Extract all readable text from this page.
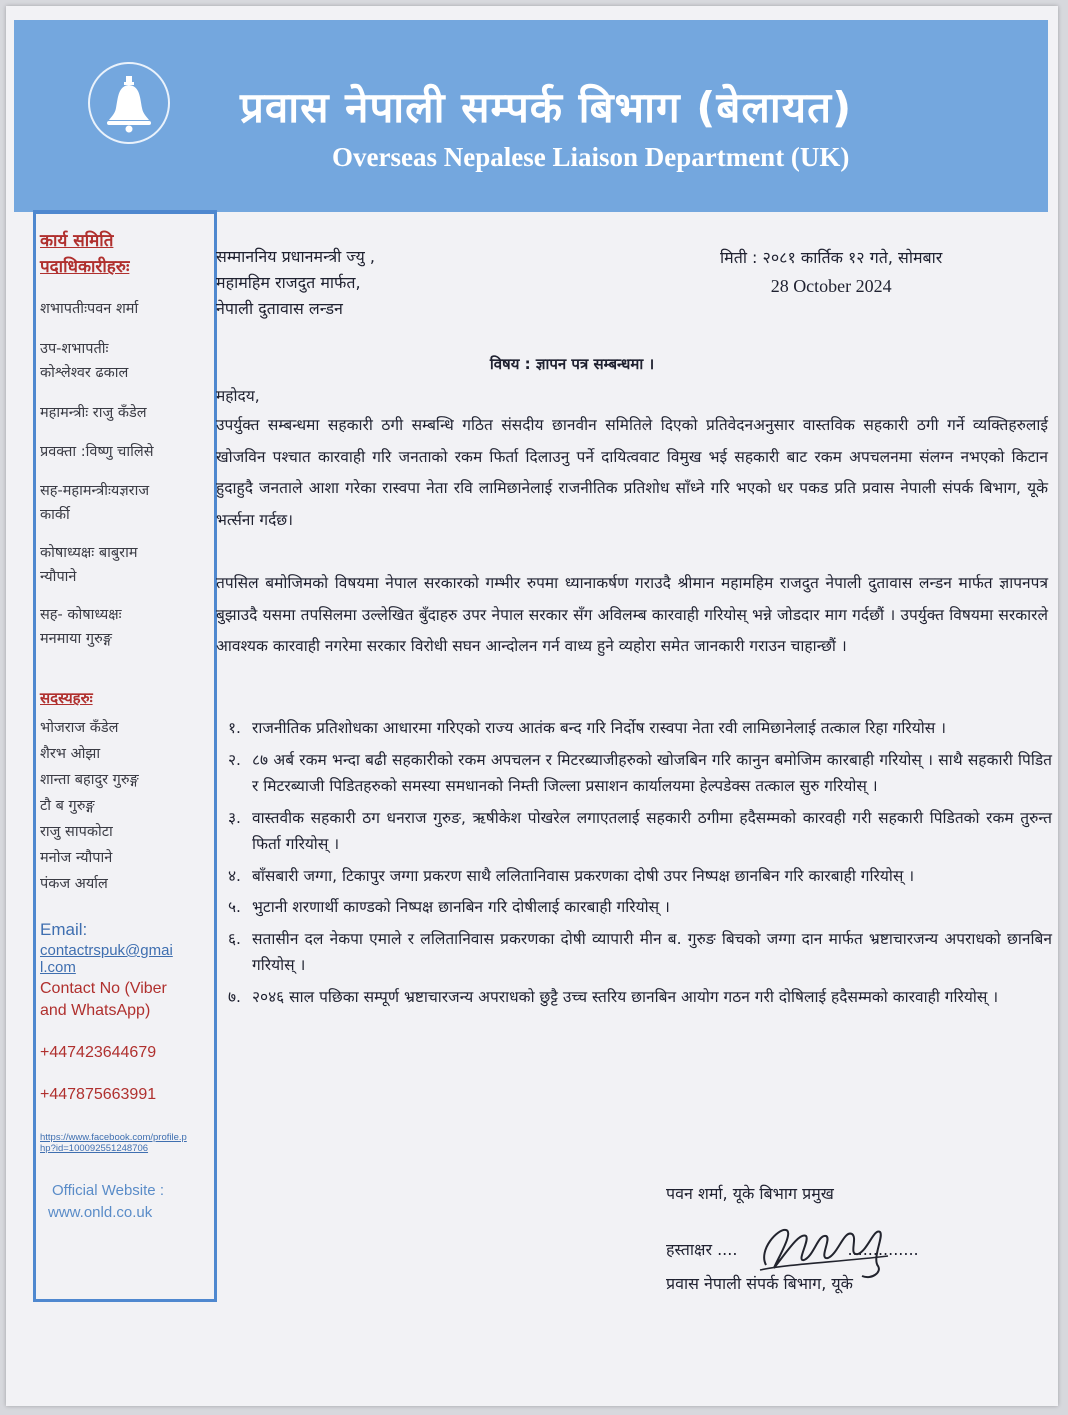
प्रवास नेपाली सम्पर्क बिभाग (बेलायत)
Overseas Nepalese Liaison Department (UK)
कार्य समिति
पदाधिकारीहरुः
शभापतीःपवन शर्मा
उप-शभापतीः
कोश्लेश्वर ढकाल
महामन्त्रीः राजु कँडेल
प्रवक्ता :विष्णु चालिसे
सह-महामन्त्रीःयज्ञराज
कार्की
कोषाध्यक्षः बाबुराम
न्यौपाने
सह- कोषाध्यक्षः
मनमाया गुरुङ्ग
सदस्यहरुः
भोजराज कँडेल
शैरभ ओझा
शान्ता बहादुर गुरुङ्ग
टौ ब गुरुङ्ग
राजु सापकोटा
मनोज न्यौपाने
पंकज अर्याल
Email:
contactrspuk@gmai
l.com
Contact No (Viber
and WhatsApp)
+447423644679
+447875663991
https://www.facebook.com/profile.php?id=100092551248706
Official Website :
www.onld.co.uk
सम्माननिय प्रधानमन्त्री ज्यु ,
महामहिम राजदुत मार्फत,
नेपाली दुतावास लन्डन
मिती : २०८१ कार्तिक १२ गते, सोमबार
28 October 2024
विषय : ज्ञापन पत्र सम्बन्धमा ।
महोदय,
उपर्युक्त सम्बन्धमा सहकारी ठगी सम्बन्धि गठित संसदीय छानवीन समितिले दिएको प्रतिवेदनअनुसार वास्तविक सहकारी ठगी गर्ने व्यक्तिहरुलाई खोजविन पश्चात कारवाही गरि जनताको रकम फिर्ता दिलाउनु पर्ने दायित्ववाट विमुख भई सहकारी बाट रकम अपचलनमा संलग्न नभएको किटान हुदाहुदै जनताले आशा गरेका रास्वपा नेता रवि लामिछानेलाई राजनीतिक प्रतिशोध साँध्ने गरि भएको धर पकड प्रति प्रवास नेपाली संपर्क बिभाग, यूके भर्त्सना गर्दछ।
तपसिल बमोजिमको विषयमा नेपाल सरकारको गम्भीर रुपमा ध्यानाकर्षण गराउदै श्रीमान महामहिम राजदुत नेपाली दुतावास लन्डन मार्फत ज्ञापनपत्र बुझाउदै यसमा तपसिलमा उल्लेखित बुँदाहरु उपर नेपाल सरकार सँग अविलम्ब कारवाही गरियोस् भन्ने जोडदार माग गर्दछौं । उपर्युक्त विषयमा सरकारले आवश्यक कारवाही नगरेमा सरकार विरोधी सघन आन्दोलन गर्न वाध्य हुने व्यहोरा समेत जानकारी गराउन चाहान्छौं ।
१. राजनीतिक प्रतिशोधका आधारमा गरिएको राज्य आतंक बन्द गरि निर्दोष रास्वपा नेता रवी लामिछानेलाई तत्काल रिहा गरियोस ।
२. ८७ अर्ब रकम भन्दा बढी सहकारीको रकम अपचलन र मिटरब्याजीहरुको खोजबिन गरि कानुन बमोजिम कारबाही गरियोस् । साथै सहकारी पिडित र मिटरब्याजी पिडितहरुको समस्या समधानको निम्ती जिल्ला प्रसाशन कार्यालयमा हेल्पडेक्स तत्काल सुरु गरियोस् ।
३. वास्तवीक सहकारी ठग धनराज गुरुङ, ऋषीकेश पोखरेल लगाएतलाई सहकारी ठगीमा हदैसम्मको कारवही गरी सहकारी पिडितको रकम तुरुन्त फिर्ता गरियोस् ।
४. बाँसबारी जग्गा, टिकापुर जग्गा प्रकरण साथै ललितानिवास प्रकरणका दोषी उपर निष्पक्ष छानबिन गरि कारबाही गरियोस् ।
५. भुटानी शरणार्थी काण्डको निष्पक्ष छानबिन गरि दोषीलाई कारबाही गरियोस् ।
६. सतासीन दल नेकपा एमाले र ललितानिवास प्रकरणका दोषी व्यापारी मीन ब. गुरुङ बिचको जग्गा दान मार्फत भ्रष्टाचारजन्य अपराधको छानबिन गरियोस् ।
७. २०४६ साल पछिका सम्पूर्ण भ्रष्टाचारजन्य अपराधको छुट्टै उच्च स्तरिय छानबिन आयोग गठन गरी दोषिलाई हदैसम्मको कारवाही गरियोस् ।
पवन शर्मा, यूके बिभाग प्रमुख
हस्ताक्षर ....	..............
प्रवास नेपाली संपर्क बिभाग, यूके
